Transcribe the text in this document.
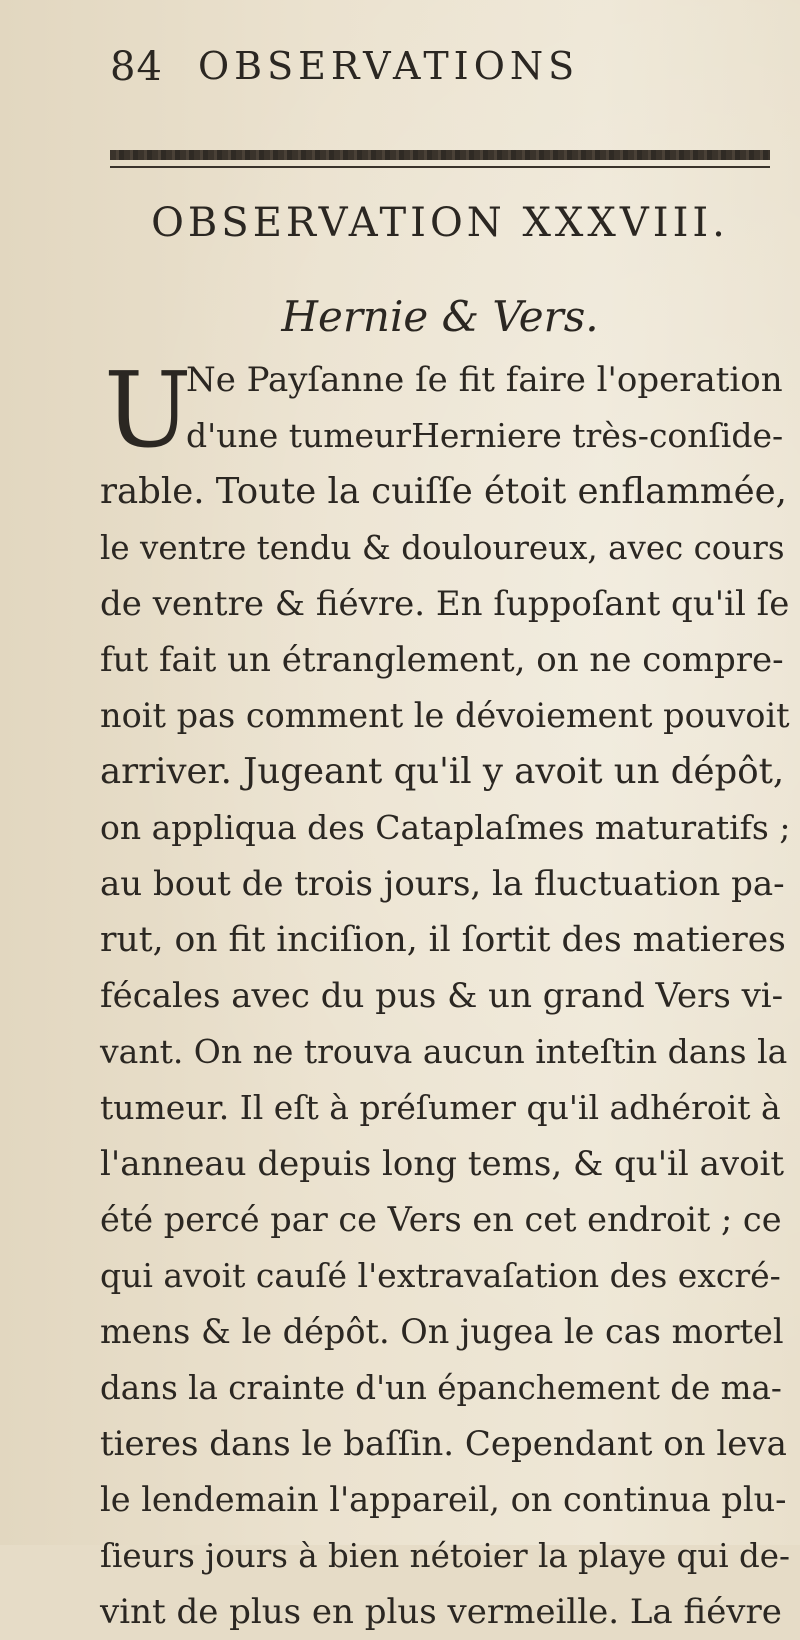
84 OBSERVATIONS
OBSERVATION XXXVIII.
Hernie & Vers.
U
Ne Payſanne ſe fit faire l'operation
d'une tumeurHerniere très-conſide-
rable. Toute la cuiſſe étoit enflammée,
le ventre tendu & douloureux, avec cours
de ventre & fiévre. En ſuppoſant qu'il ſe
fut fait un étranglement, on ne compre-
noit pas comment le dévoiement pouvoit
arriver. Jugeant qu'il y avoit un dépôt,
on appliqua des Cataplaſmes maturatifs ;
au bout de trois jours, la fluctuation pa-
rut, on fit inciſion, il ſortit des matieres
fécales avec du pus & un grand Vers vi-
vant. On ne trouva aucun inteſtin dans la
tumeur. Il eſt à préſumer qu'il adhéroit à
l'anneau depuis long tems, & qu'il avoit
été percé par ce Vers en cet endroit ; ce
qui avoit cauſé l'extravaſation des excré-
mens & le dépôt. On jugea le cas mortel
dans la crainte d'un épanchement de ma-
tieres dans le baſſin. Cependant on leva
le lendemain l'appareil, on continua plu-
ſieurs jours à bien nétoier la playe qui de-
vint de plus en plus vermeille. La fiévre
